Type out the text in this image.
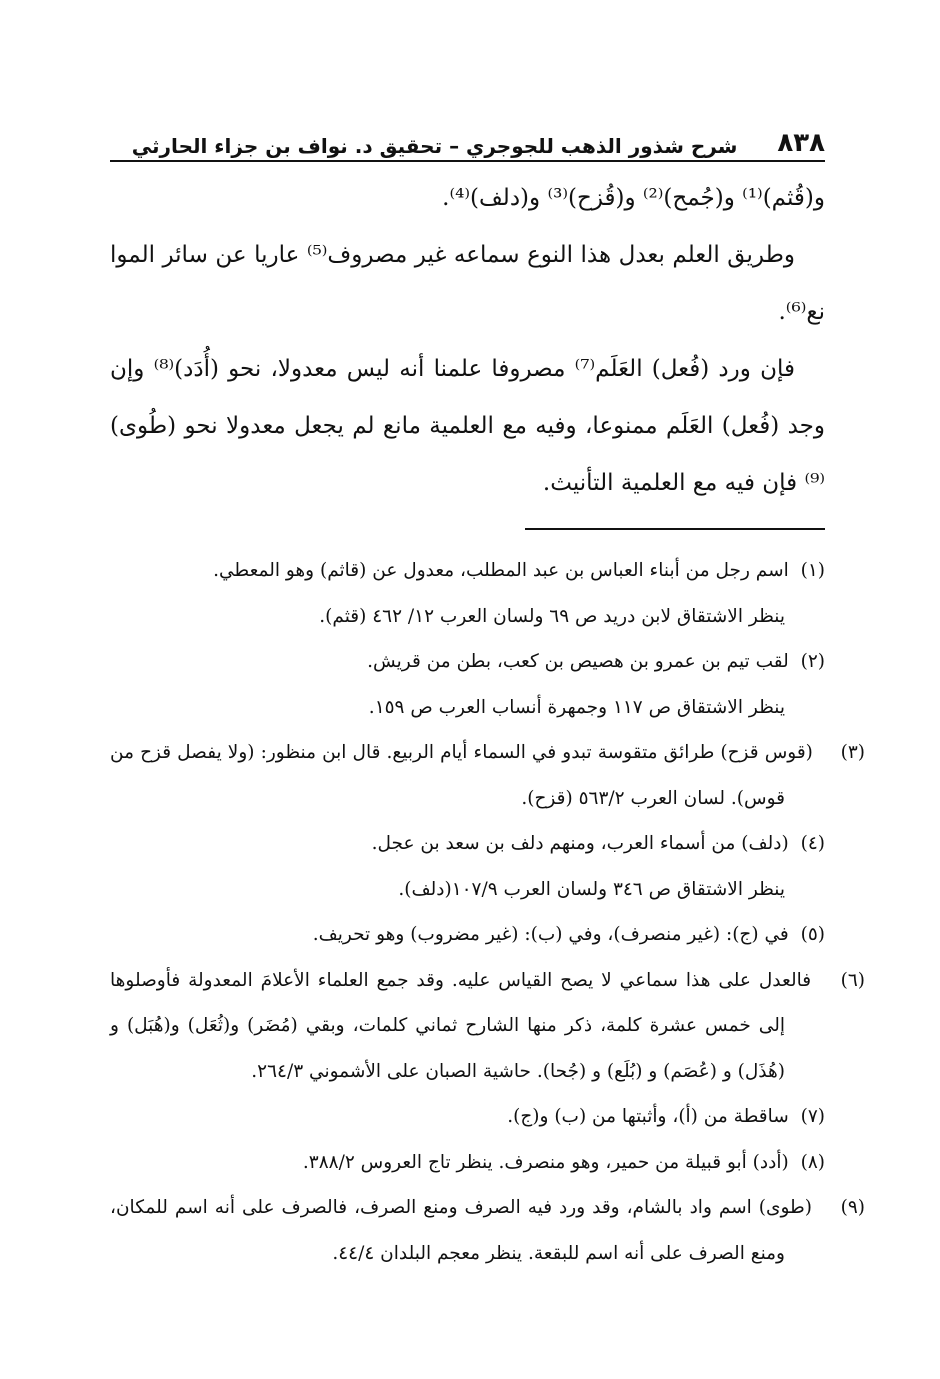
٨٣٨
شرح شذور الذهب للجوجري – تحقيق د. نواف بن جزاء الحارثي

و(قُثم)⁽¹⁾ و(جُمح)⁽²⁾ و(قُزح)⁽³⁾ و(دلف)⁽⁴⁾.

وطريق العلم بعدل هذا النوع سماعه غير مصروف⁽⁵⁾ عاريا عن سائر الموا نع⁽⁶⁾.

فإن ورد (فُعل) العَلَم⁽⁷⁾ مصروفا علمنا أنه ليس معدولا، نحو (أُدَد)⁽⁸⁾ وإن وجد (فُعل) العَلَم ممنوعا، وفيه مع العلمية مانع لم يجعل معدولا نحو (طُوى) ⁽⁹⁾ فإن فيه مع العلمية التأنيث.

(١) اسم رجل من أبناء العباس بن عبد المطلب، معدول عن (قاثم) وهو المعطي.

ينظر الاشتقاق لابن دريد ص ٦٩ ولسان العرب ١٢/ ٤٦٢ (قثم).

(٢) لقب تيم بن عمرو بن هصيص بن كعب، بطن من قريش.

ينظر الاشتقاق ص ١١٧ وجمهرة أنساب العرب ص ١٥٩.

(٣) (قوس قزح) طرائق متقوسة تبدو في السماء أيام الربيع. قال ابن منظور: (ولا يفصل قزح من قوس). لسان العرب ٥٦٣/٢ (قزح).

(٤) (دلف) من أسماء العرب، ومنهم دلف بن سعد بن عجل.

ينظر الاشتقاق ص ٣٤٦ ولسان العرب ١٠٧/٩(دلف).

(٥) في (ج): (غير منصرف)، وفي (ب): (غير مضروب) وهو تحريف.

(٦) فالعدل على هذا سماعي لا يصح القياس عليه. وقد جمع العلماء الأعلامَ المعدولة فأوصلوها إلى خمس عشرة كلمة، ذكر منها الشارح ثماني كلمات، وبقي (مُضَر) و(ثُعَل) و(هُبَل) و (هُذَل) و (عُصَم) و (بُلَع) و (جُحا). حاشية الصبان على الأشموني ٢٦٤/٣.

(٧) ساقطة من (أ)، وأثبتها من (ب) و(ج).

(٨) (أدد) أبو قبيلة من حمير، وهو منصرف. ينظر تاج العروس ٣٨٨/٢.

(٩) (طوى) اسم واد بالشام، وقد ورد فيه الصرف ومنع الصرف، فالصرف على أنه اسم للمكان، ومنع الصرف على أنه اسم للبقعة. ينظر معجم البلدان ٤٤/٤.
